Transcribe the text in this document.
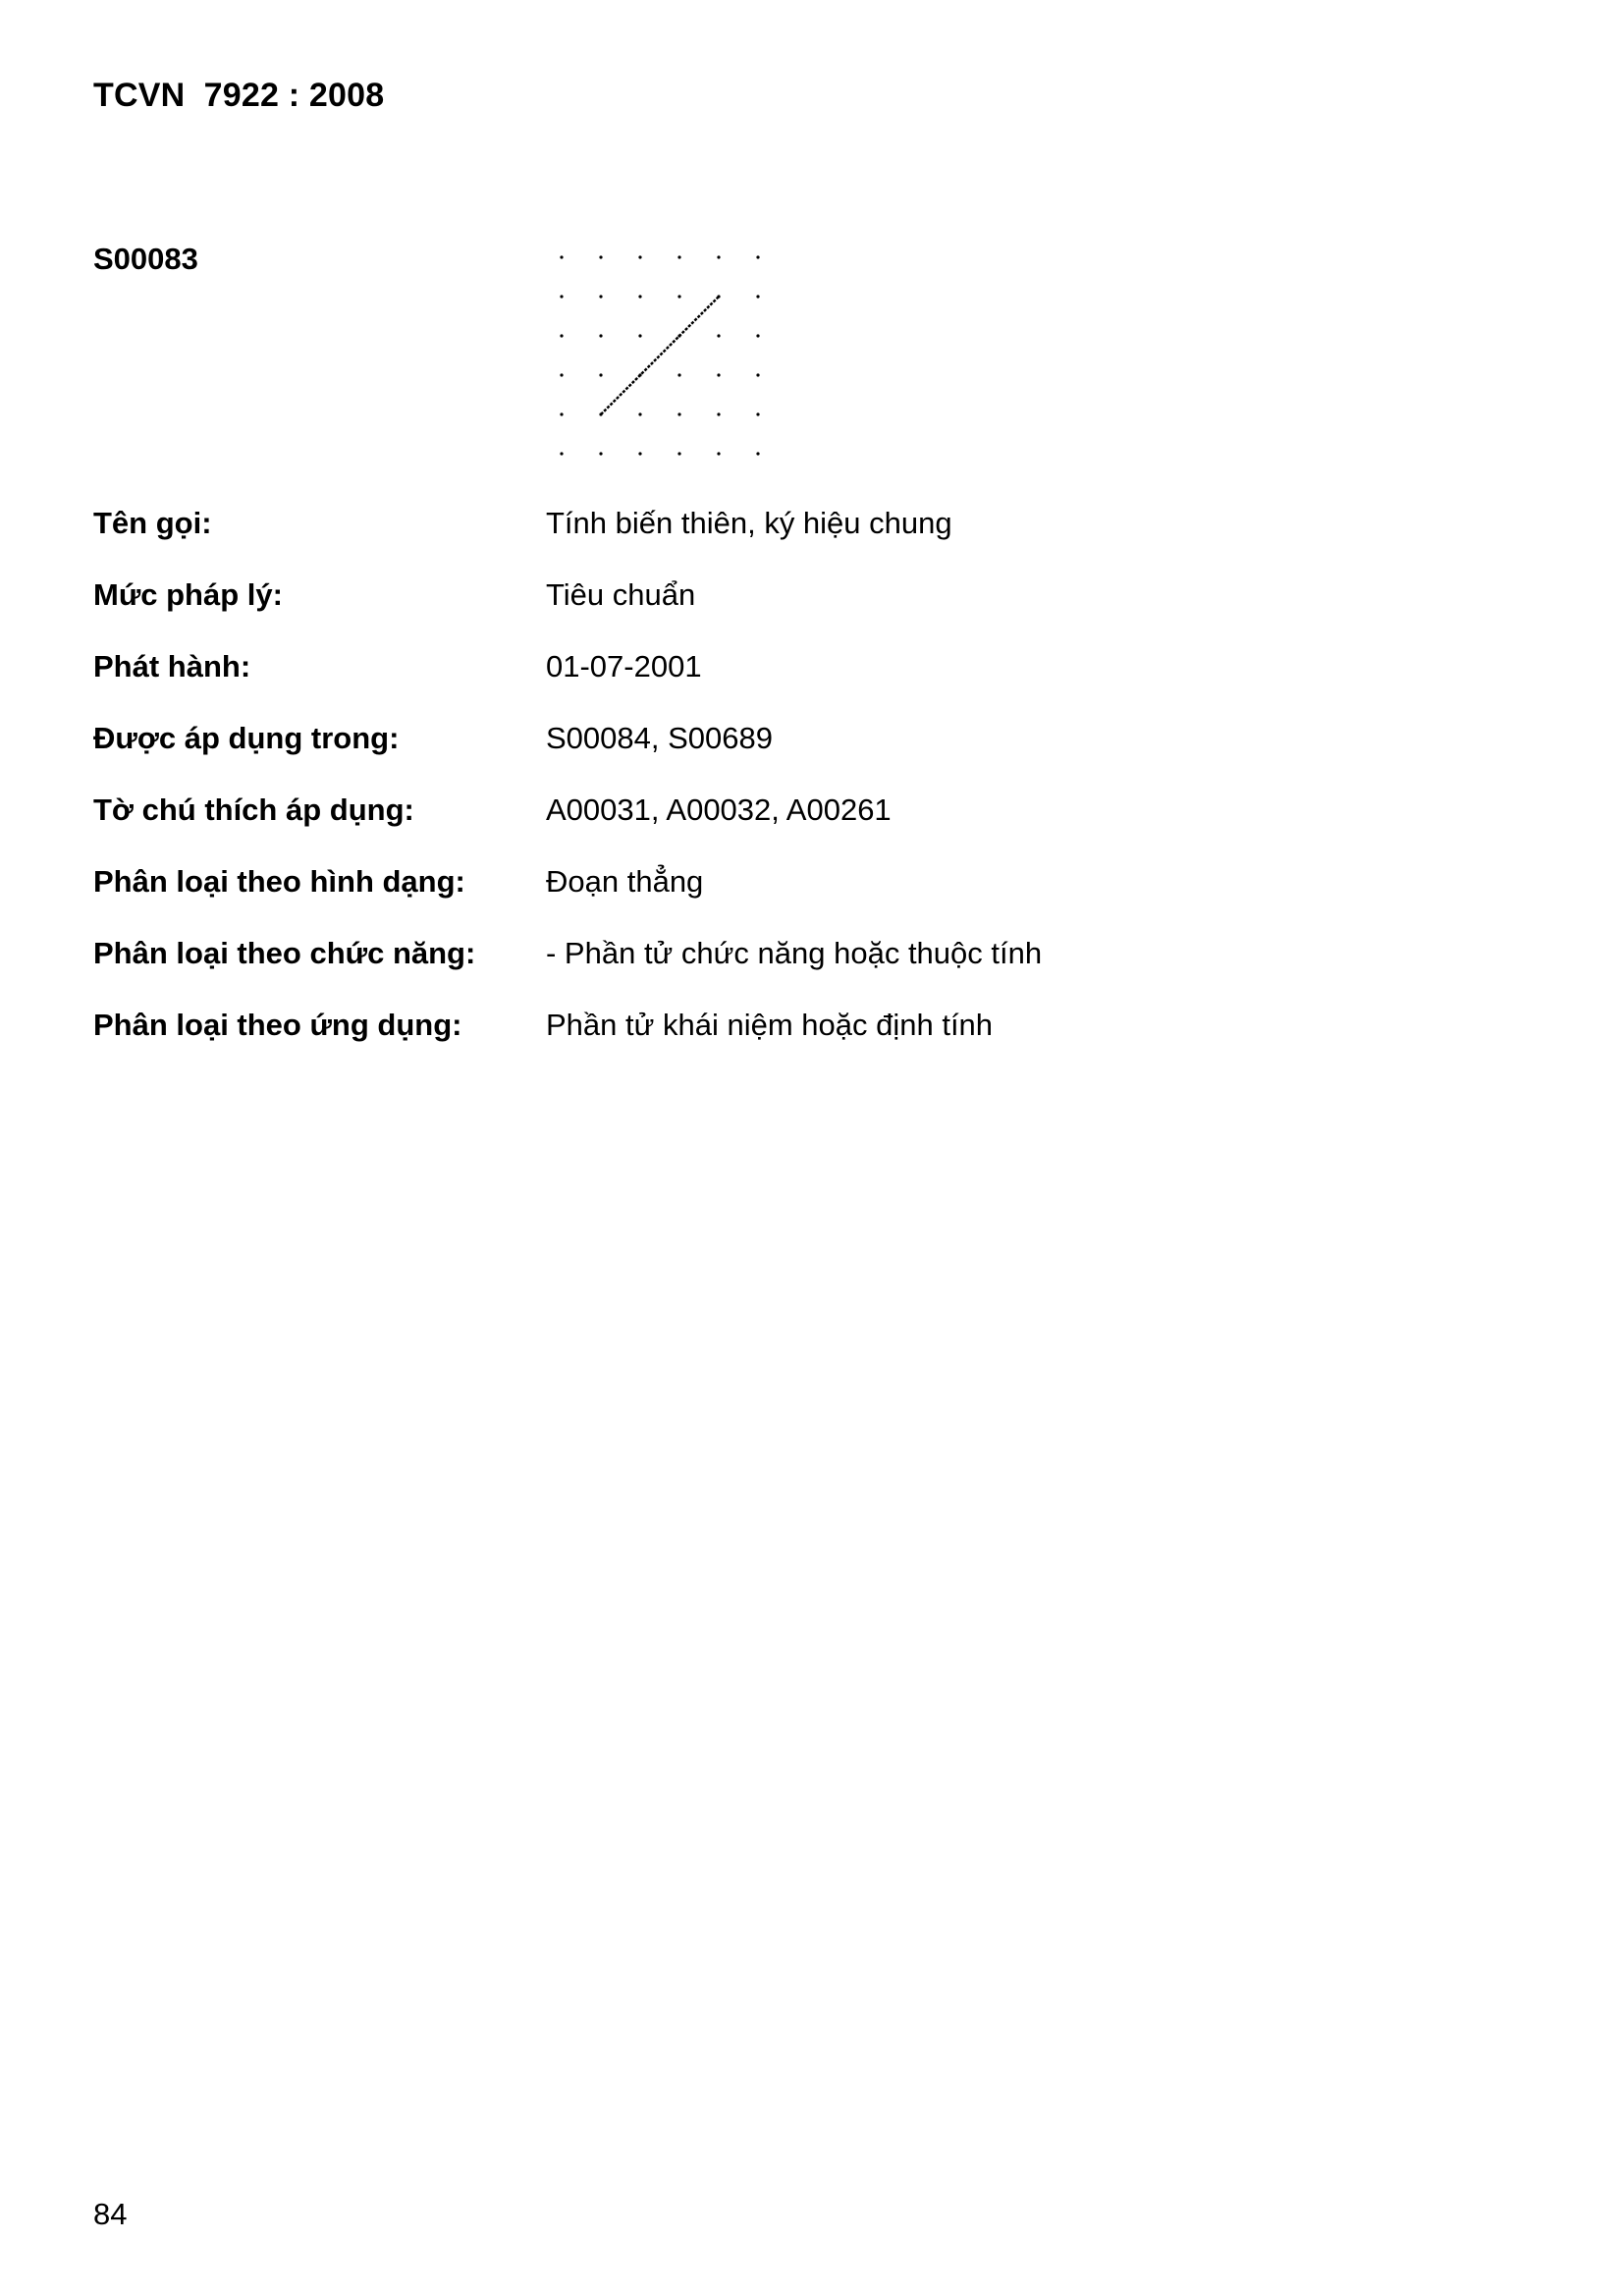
TCVN  7922 : 2008
S00083
Tên gọi:	Tính biến thiên, ký hiệu chung
Mức pháp lý:	Tiêu chuẩn
Phát hành:	01-07-2001
Được áp dụng trong:	S00084, S00689
Tờ chú thích áp dụng:	A00031, A00032, A00261
Phân loại theo hình dạng:	Đoạn thẳng
Phân loại theo chức năng: - Phần tử chức năng hoặc thuộc tính
Phân loại theo ứng dụng:	Phần tử khái niệm hoặc định tính
84
